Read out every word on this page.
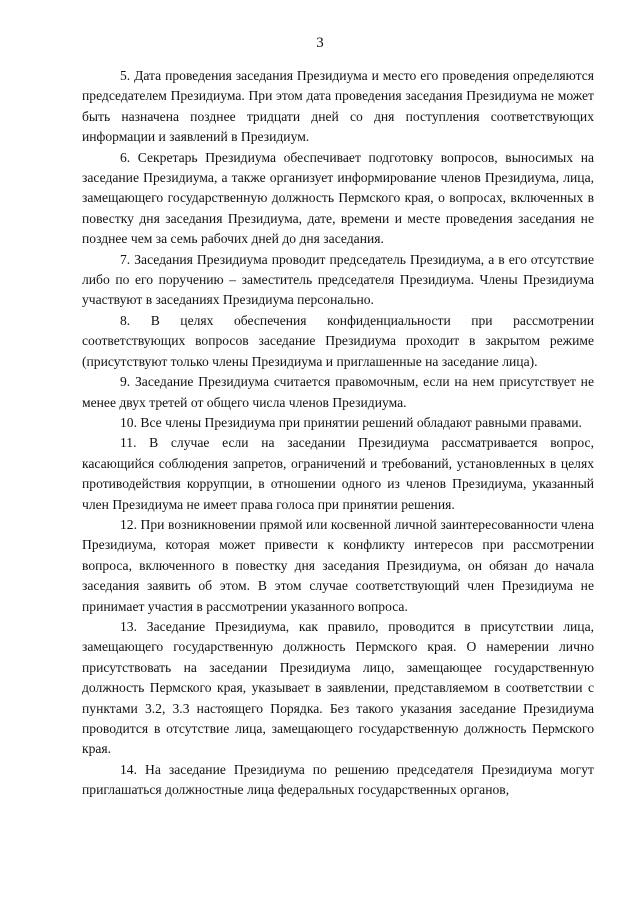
3

5. Дата проведения заседания Президиума и место его проведения определяются председателем Президиума. При этом дата проведения заседания Президиума не может быть назначена позднее тридцати дней со дня поступления соответствующих информации и заявлений в Президиум.

6. Секретарь Президиума обеспечивает подготовку вопросов, выносимых на заседание Президиума, а также организует информирование членов Президиума, лица, замещающего государственную должность Пермского края, о вопросах, включенных в повестку дня заседания Президиума, дате, времени и месте проведения заседания не позднее чем за семь рабочих дней до дня заседания.

7. Заседания Президиума проводит председатель Президиума, а в его отсутствие либо по его поручению – заместитель председателя Президиума. Члены Президиума участвуют в заседаниях Президиума персонально.

8. В целях обеспечения конфиденциальности при рассмотрении соответствующих вопросов заседание Президиума проходит в закрытом режиме (присутствуют только члены Президиума и приглашенные на заседание лица).

9. Заседание Президиума считается правомочным, если на нем присутствует не менее двух третей от общего числа членов Президиума.

10. Все члены Президиума при принятии решений обладают равными правами.

11. В случае если на заседании Президиума рассматривается вопрос, касающийся соблюдения запретов, ограничений и требований, установленных в целях противодействия коррупции, в отношении одного из членов Президиума, указанный член Президиума не имеет права голоса при принятии решения.

12. При возникновении прямой или косвенной личной заинтересованности члена Президиума, которая может привести к конфликту интересов при рассмотрении вопроса, включенного в повестку дня заседания Президиума, он обязан до начала заседания заявить об этом. В этом случае соответствующий член Президиума не принимает участия в рассмотрении указанного вопроса.

13. Заседание Президиума, как правило, проводится в присутствии лица, замещающего государственную должность Пермского края. О намерении лично присутствовать на заседании Президиума лицо, замещающее государственную должность Пермского края, указывает в заявлении, представляемом в соответствии с пунктами 3.2, 3.3 настоящего Порядка. Без такого указания заседание Президиума проводится в отсутствие лица, замещающего государственную должность Пермского края.

14. На заседание Президиума по решению председателя Президиума могут приглашаться должностные лица федеральных государственных органов,
